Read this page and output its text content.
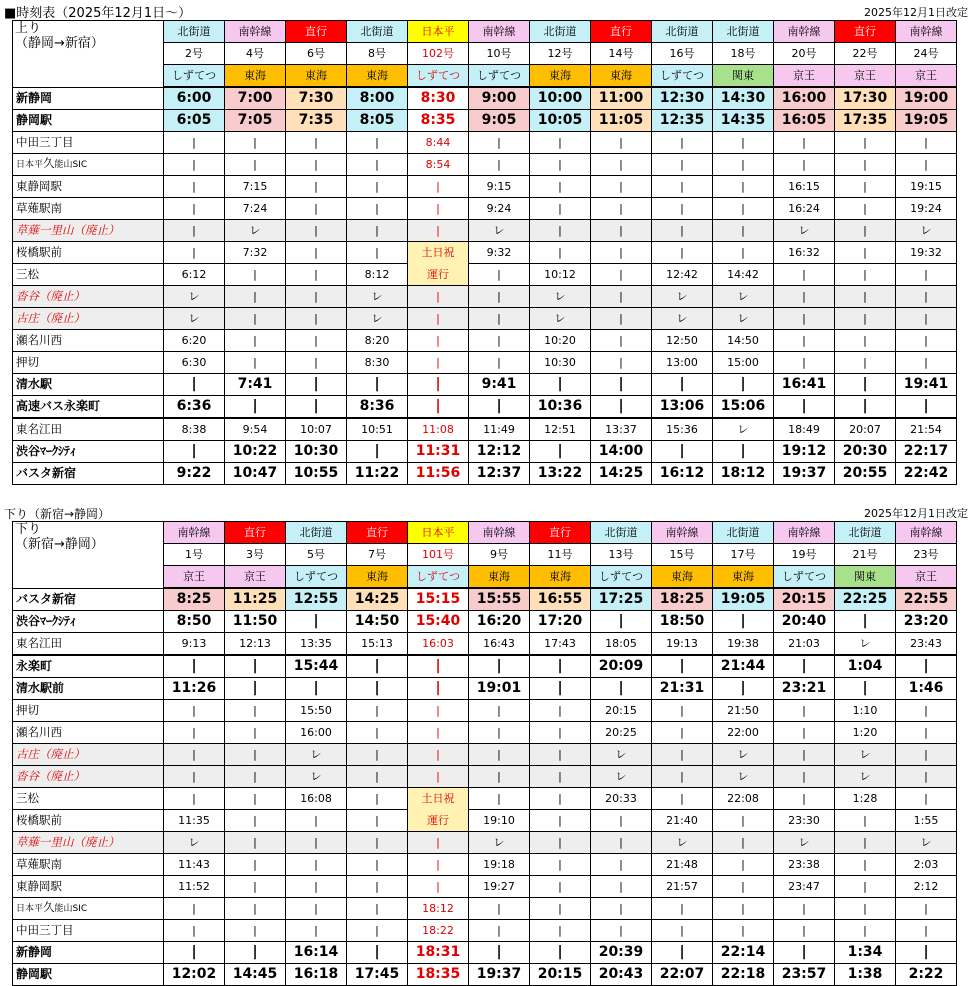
■時刻表（2025年12月1日～）	2025年12月1日改定
上り
（静岡→新宿）	北街道	南幹線	直行	北街道	日本平	南幹線	北街道	直行	北街道	北街道	南幹線	直行	南幹線
	2号	4号	6号	8号	102号	10号	12号	14号	16号	18号	20号	22号	24号
	しずてつ	東海	東海	東海	しずてつ	しずてつ	東海	東海	しずてつ	関東	京王	京王	京王
新静岡	6:00	7:00	7:30	8:00	8:30	9:00	10:00	11:00	12:30	14:30	16:00	17:30	19:00
静岡駅	6:05	7:05	7:35	8:05	8:35	9:05	10:05	11:05	12:35	14:35	16:05	17:35	19:05
中田三丁目	|	|	|	|	8:44	|	|	|	|	|	|	|	|
日本平久能山SIC	|	|	|	|	8:54	|	|	|	|	|	|	|	|
東静岡駅	|	7:15	|	|	|	9:15	|	|	|	|	16:15	|	19:15
草薙駅南	|	7:24	|	|	|	9:24	|	|	|	|	16:24	|	19:24
草薙一里山（廃止）	|	レ	|	|	|	レ	|	|	|	|	レ	|	レ
桜橋駅前	|	7:32	|	|	土日祝	9:32	|	|	|	|	16:32	|	19:32
三松	6:12	|	|	8:12	運行	|	10:12	|	12:42	14:42	|	|	|
沓谷（廃止）	レ	|	|	レ	|	|	レ	|	レ	レ	|	|	|
古庄（廃止）	レ	|	|	レ	|	|	レ	|	レ	レ	|	|	|
瀬名川西	6:20	|	|	8:20	|	|	10:20	|	12:50	14:50	|	|	|
押切	6:30	|	|	8:30	|	|	10:30	|	13:00	15:00	|	|	|
清水駅	|	7:41	|	|	|	9:41	|	|	|	|	16:41	|	19:41
高速バス永楽町	6:36	|	|	8:36	|	|	10:36	|	13:06	15:06	|	|	|
東名江田	8:38	9:54	10:07	10:51	11:08	11:49	12:51	13:37	15:36	レ	18:49	20:07	21:54
渋谷ﾏｰｸｼﾃｨ	|	10:22	10:30	|	11:31	12:12	|	14:00	|	|	19:12	20:30	22:17
バスタ新宿	9:22	10:47	10:55	11:22	11:56	12:37	13:22	14:25	16:12	18:12	19:37	20:55	22:42
下り（新宿→静岡）	2025年12月1日改定
下り
（新宿→静岡）	南幹線	直行	北街道	直行	日本平	南幹線	直行	北街道	南幹線	北街道	南幹線	北街道	南幹線
	1号	3号	5号	7号	101号	9号	11号	13号	15号	17号	19号	21号	23号
	京王	京王	しずてつ	東海	しずてつ	東海	東海	しずてつ	東海	東海	しずてつ	関東	京王
バスタ新宿	8:25	11:25	12:55	14:25	15:15	15:55	16:55	17:25	18:25	19:05	20:15	22:25	22:55
渋谷ﾏｰｸｼﾃｨ	8:50	11:50	|	14:50	15:40	16:20	17:20	|	18:50	|	20:40	|	23:20
東名江田	9:13	12:13	13:35	15:13	16:03	16:43	17:43	18:05	19:13	19:38	21:03	レ	23:43
永楽町	|	|	15:44	|	|	|	|	20:09	|	21:44	|	1:04	|
清水駅前	11:26	|	|	|	|	19:01	|	|	21:31	|	23:21	|	1:46
押切	|	|	15:50	|	|	|	|	20:15	|	21:50	|	1:10	|
瀬名川西	|	|	16:00	|	|	|	|	20:25	|	22:00	|	1:20	|
古庄（廃止）	|	|	レ	|	|	|	|	レ	|	レ	|	レ	|
沓谷（廃止）	|	|	レ	|	|	|	|	レ	|	レ	|	レ	|
三松	|	|	16:08	|	土日祝	|	|	20:33	|	22:08	|	1:28	|
桜橋駅前	11:35	|	|	|	運行	19:10	|	|	21:40	|	23:30	|	1:55
草薙一里山（廃止）	レ	|	|	|	|	レ	|	|	レ	|	レ	|	レ
草薙駅南	11:43	|	|	|	|	19:18	|	|	21:48	|	23:38	|	2:03
東静岡駅	11:52	|	|	|	|	19:27	|	|	21:57	|	23:47	|	2:12
日本平久能山SIC	|	|	|	|	18:12	|	|	|	|	|	|	|	|
中田三丁目	|	|	|	|	18:22	|	|	|	|	|	|	|	|
新静岡	|	|	16:14	|	18:31	|	|	20:39	|	22:14	|	1:34	|
静岡駅	12:02	14:45	16:18	17:45	18:35	19:37	20:15	20:43	22:07	22:18	23:57	1:38	2:22
